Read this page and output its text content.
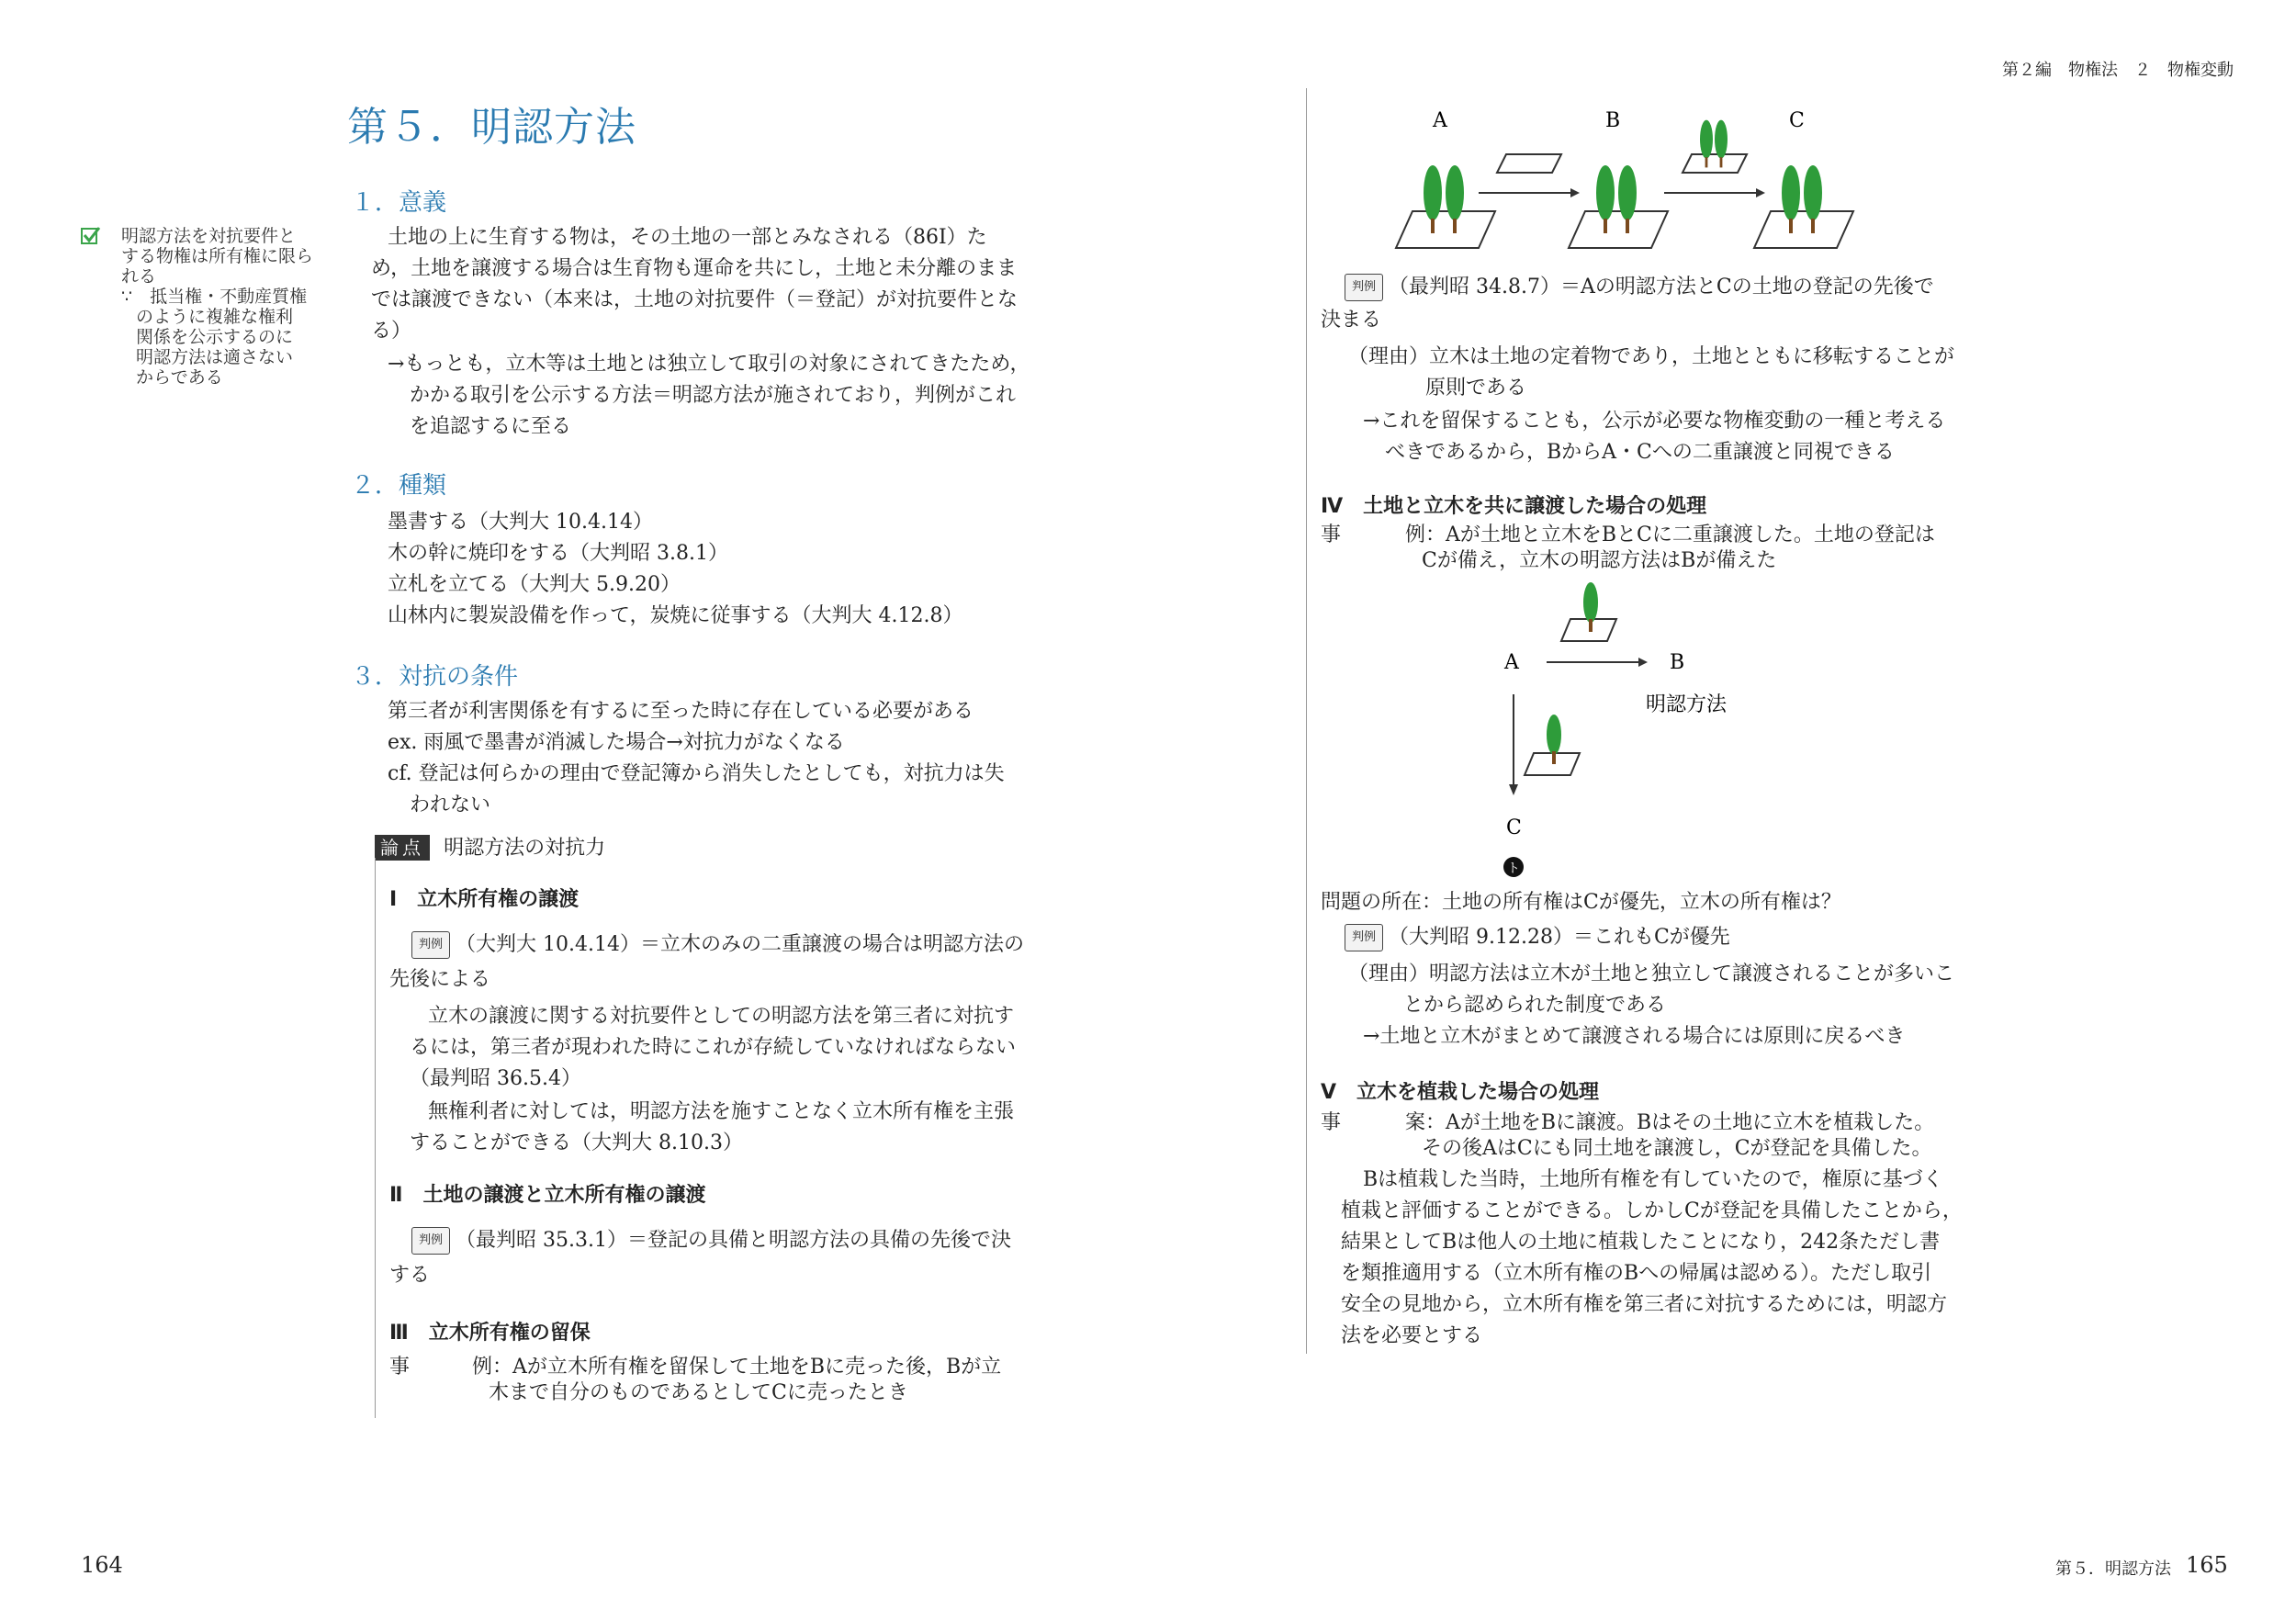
第２編　物権法　２　物権変動
164	第５．明認方法 165
第５．明認方法
明認方法を対抗要件と
する物権は所有権に限ら
れる
∵　抵当権・不動産質権
のように複雑な権利
関係を公示するのに
明認方法は適さない
からである
１．意義
土地の上に生育する物は，その土地の一部とみなされる（86Ⅰ）た
め，土地を譲渡する場合は生育物も運命を共にし，土地と未分離のまま
では譲渡できない（本来は，土地の対抗要件（＝登記）が対抗要件とな
る）
→もっとも，立木等は土地とは独立して取引の対象にされてきたため，
かかる取引を公示する方法＝明認方法が施されており，判例がこれ
を追認するに至る
２．種類
墨書する（大判大 10.4.14）
木の幹に焼印をする（大判昭 3.8.1）
立札を立てる（大判大 5.9.20）
山林内に製炭設備を作って，炭焼に従事する（大判大 4.12.8）
３．対抗の条件
第三者が利害関係を有するに至った時に存在している必要がある
ex. 雨風で墨書が消滅した場合→対抗力がなくなる
cf. 登記は何らかの理由で登記簿から消失したとしても，対抗力は失
われない
論点 明認方法の対抗力
Ⅰ　立木所有権の譲渡
判例 （大判大 10.4.14）＝立木のみの二重譲渡の場合は明認方法の
先後による
立木の譲渡に関する対抗要件としての明認方法を第三者に対抗す
るには，第三者が現われた時にこれが存続していなければならない
（最判昭 36.5.4）
無権利者に対しては，明認方法を施すことなく立木所有権を主張
することができる（大判大 8.10.3）
Ⅱ　土地の譲渡と立木所有権の譲渡
判例 （最判昭 35.3.1）＝登記の具備と明認方法の具備の先後で決
する
Ⅲ　立木所有権の留保
事	例：Aが立木所有権を留保して土地をBに売った後，Bが立
木まで自分のものであるとしてCに売ったとき
A	B	C
判例 （最判昭 34.8.7）＝Aの明認方法とCの土地の登記の先後で
決まる
（理由）立木は土地の定着物であり，土地とともに移転することが
原則である
→これを留保することも，公示が必要な物権変動の一種と考える
べきであるから，BからA・Cへの二重譲渡と同視できる
Ⅳ　土地と立木を共に譲渡した場合の処理
事	例：Aが土地と立木をBとCに二重譲渡した。土地の登記は
Cが備え，立木の明認方法はBが備えた
A	B
明認方法
C
ト
問題の所在：土地の所有権はCが優先，立木の所有権は？
判例 （大判昭 9.12.28）＝これもCが優先
（理由）明認方法は立木が土地と独立して譲渡されることが多いこ
とから認められた制度である
→土地と立木がまとめて譲渡される場合には原則に戻るべき
Ⅴ　立木を植栽した場合の処理
事	案：Aが土地をBに譲渡。Bはその土地に立木を植栽した。
その後AはCにも同土地を譲渡し，Cが登記を具備した。
Bは植栽した当時，土地所有権を有していたので，権原に基づく
植栽と評価することができる。しかしCが登記を具備したことから，
結果としてBは他人の土地に植栽したことになり，242条ただし書
を類推適用する（立木所有権のBへの帰属は認める）。ただし取引
安全の見地から，立木所有権を第三者に対抗するためには，明認方
法を必要とする
